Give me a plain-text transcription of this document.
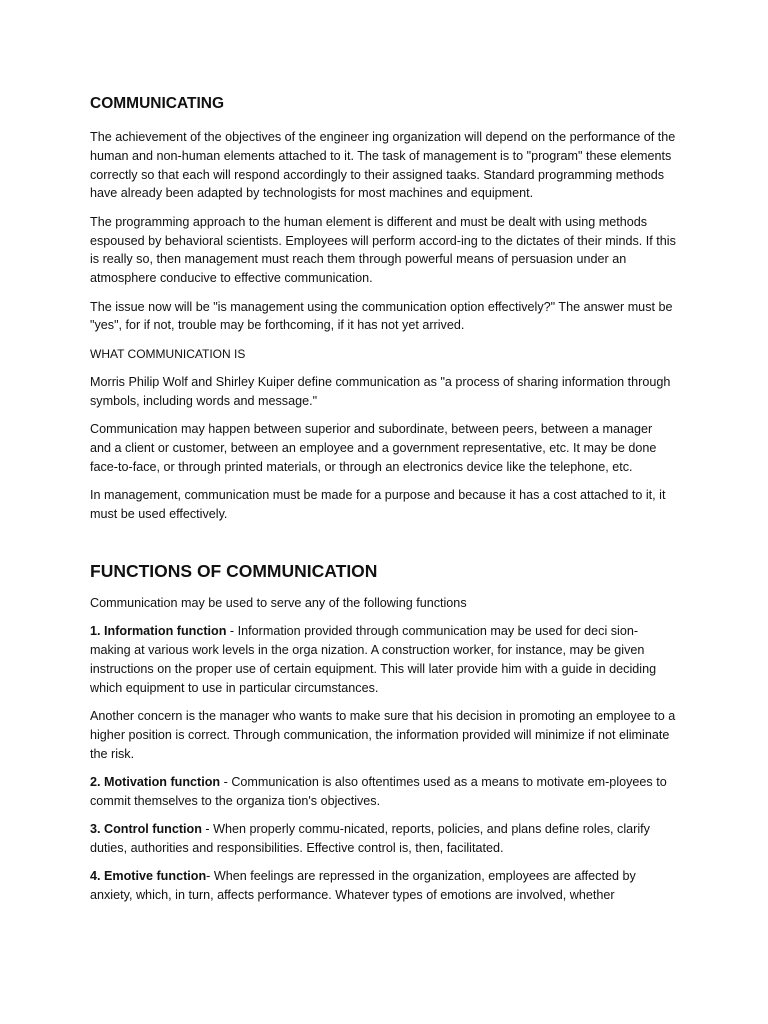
COMMUNICATING

The achievement of the objectives of the engineer ing organization will depend on the performance of the human and non-human elements attached to it. The task of management is to "program" these elements correctly so that each will respond accordingly to their assigned taaks. Standard programming methods have already been adapted by technologists for most machines and equipment.

The programming approach to the human element is different and must be dealt with using methods espoused by behavioral scientists. Employees will perform accord-ing to the dictates of their minds. If this is really so, then management must reach them through powerful means of persuasion under an atmosphere conducive to effective communication.

The issue now will be "is management using the communication option effectively?" The answer must be "yes", for if not, trouble may be forthcoming, if it has not yet arrived.

WHAT COMMUNICATION IS

Morris Philip Wolf and Shirley Kuiper define communication as "a process of sharing information through symbols, including words and message."

Communication may happen between superior and subordinate, between peers, between a manager and a client or customer, between an employee and a government representative, etc. It may be done face-to-face, or through printed materials, or through an electronics device like the telephone, etc.

In management, communication must be made for a purpose and because it has a cost attached to it, it must be used effectively.

FUNCTIONS OF COMMUNICATION

Communication may be used to serve any of the following functions

1. Information function - Information provided through communication may be used for deci sion-making at various work levels in the orga nization. A construction worker, for instance, may be given instructions on the proper use of certain equipment. This will later provide him with a guide in deciding which equipment to use in particular circumstances.

Another concern is the manager who wants to make sure that his decision in promoting an employee to a higher position is correct. Through communication, the information provided will minimize if not eliminate the risk.

2. Motivation function - Communication is also oftentimes used as a means to motivate em-ployees to commit themselves to the organiza tion's objectives.

3. Control function - When properly commu-nicated, reports, policies, and plans define roles, clarify duties, authorities and responsibilities. Effective control is, then, facilitated.

4. Emotive function- When feelings are repressed in the organization, employees are affected by anxiety, which, in turn, affects performance. Whatever types of emotions are involved, whether
